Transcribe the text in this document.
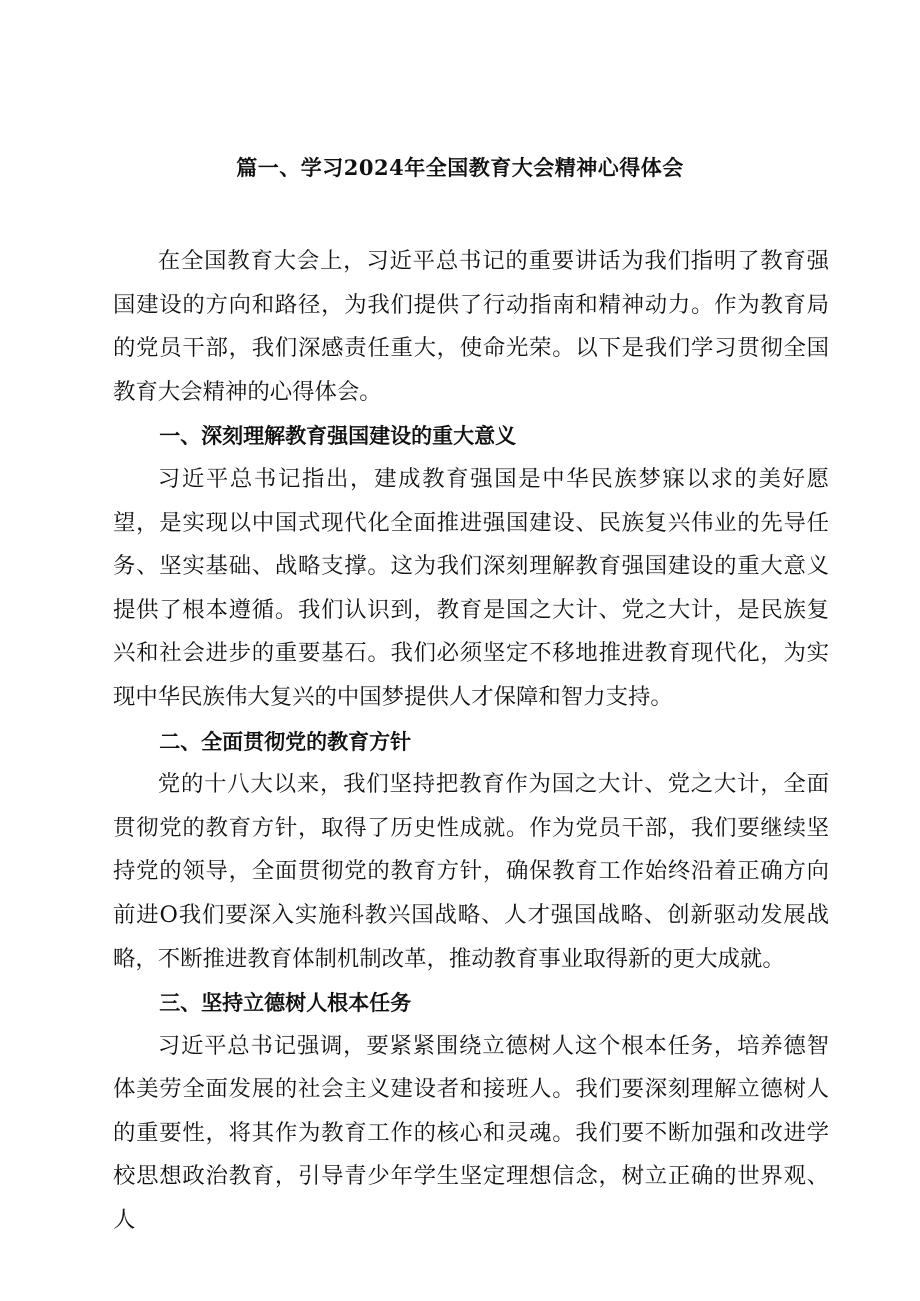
篇一、学习2024年全国教育大会精神心得体会

在全国教育大会上，习近平总书记的重要讲话为我们指明了教育强国建设的方向和路径，为我们提供了行动指南和精神动力。作为教育局的党员干部，我们深感责任重大，使命光荣。以下是我们学习贯彻全国教育大会精神的心得体会。

一、深刻理解教育强国建设的重大意义

习近平总书记指出，建成教育强国是中华民族梦寐以求的美好愿望，是实现以中国式现代化全面推进强国建设、民族复兴伟业的先导任务、坚实基础、战略支撑。这为我们深刻理解教育强国建设的重大意义提供了根本遵循。我们认识到，教育是国之大计、党之大计，是民族复兴和社会进步的重要基石。我们必须坚定不移地推进教育现代化，为实现中华民族伟大复兴的中国梦提供人才保障和智力支持。

二、全面贯彻党的教育方针

党的十八大以来，我们坚持把教育作为国之大计、党之大计，全面贯彻党的教育方针，取得了历史性成就。作为党员干部，我们要继续坚持党的领导，全面贯彻党的教育方针，确保教育工作始终沿着正确方向前进O我们要深入实施科教兴国战略、人才强国战略、创新驱动发展战略，不断推进教育体制机制改革，推动教育事业取得新的更大成就。

三、坚持立德树人根本任务

习近平总书记强调，要紧紧围绕立德树人这个根本任务，培养德智体美劳全面发展的社会主义建设者和接班人。我们要深刻理解立德树人的重要性，将其作为教育工作的核心和灵魂。我们要不断加强和改进学校思想政治教育，引导青少年学生坚定理想信念，树立正确的世界观、人
